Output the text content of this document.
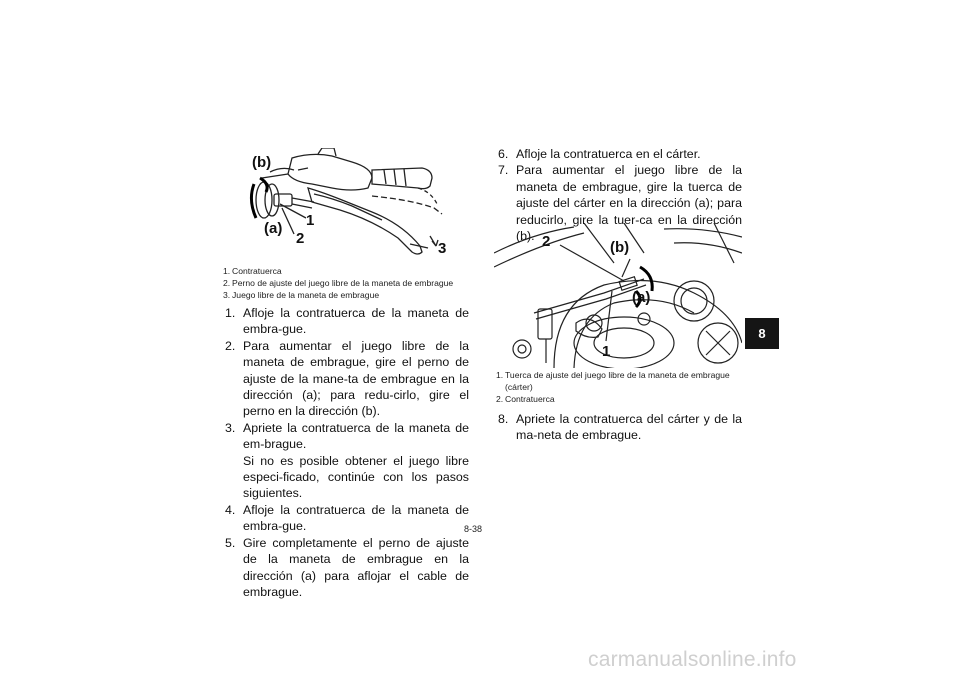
(b)
(a) 1
2
3
1. Contratuerca
2. Perno de ajuste del juego libre de la maneta de embrague
3. Juego libre de la maneta de embrague
1. Afloje la contratuerca de la maneta de embra-gue.
2. Para aumentar el juego libre de la maneta de embrague, gire el perno de ajuste de la mane-ta de embrague en la dirección (a); para redu-cirlo, gire el perno en la dirección (b).
3. Apriete la contratuerca de la maneta de em-brague.
Si no es posible obtener el juego libre especi-ficado, continúe con los pasos siguientes.
4. Afloje la contratuerca de la maneta de embra-gue.
5. Gire completamente el perno de ajuste de la maneta de embrague en la dirección (a) para aflojar el cable de embrague.
6. Afloje la contratuerca en el cárter.
7. Para aumentar el juego libre de la maneta de embrague, gire la tuerca de ajuste del cárter en la dirección (a); para reducirlo, gire la tuer-ca en la dirección (b). 2	(b)
(a)
1
1. Tuerca de ajuste del juego libre de la maneta de embrague (cárter)
2. Contratuerca
8. Apriete la contratuerca del cárter y de la ma-neta de embrague.
8
8-38
carmanualsonline.info
